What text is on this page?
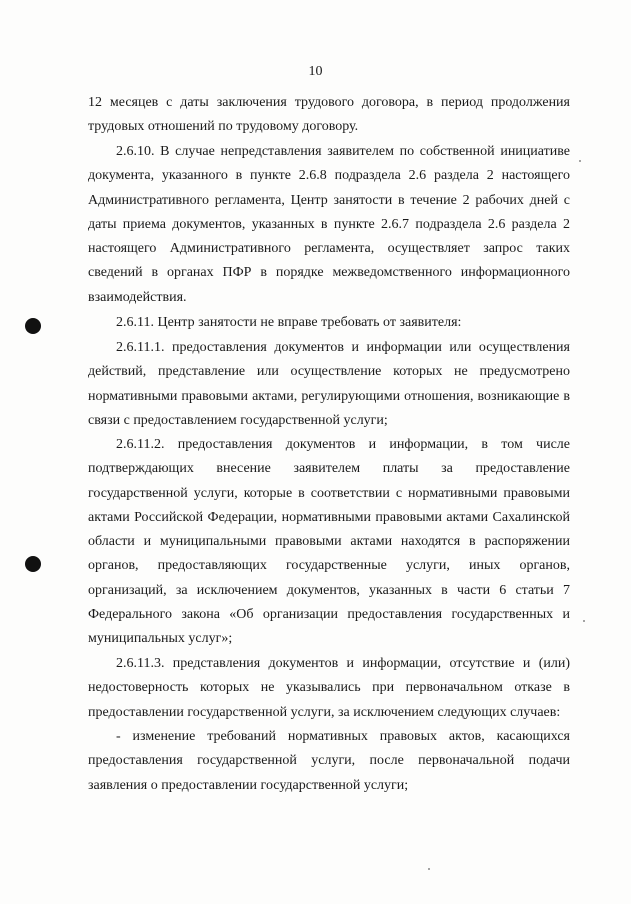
10

12 месяцев с даты заключения трудового договора, в период продолжения трудовых отношений по трудовому договору.

2.6.10. В случае непредставления заявителем по собственной инициативе документа, указанного в пункте 2.6.8 подраздела 2.6 раздела 2 настоящего Административного регламента, Центр занятости в течение 2 рабочих дней с даты приема документов, указанных в пункте 2.6.7 подраздела 2.6 раздела 2 настоящего Административного регламента, осуществляет запрос таких сведений в органах ПФР в порядке межведомственного информационного взаимодействия.

2.6.11. Центр занятости не вправе требовать от заявителя:

2.6.11.1. предоставления документов и информации или осуществления действий, представление или осуществление которых не предусмотрено нормативными правовыми актами, регулирующими отношения, возникающие в связи с предоставлением государственной услуги;

2.6.11.2. предоставления документов и информации, в том числе подтверждающих внесение заявителем платы за предоставление государственной услуги, которые в соответствии с нормативными правовыми актами Российской Федерации, нормативными правовыми актами Сахалинской области и муниципальными правовыми актами находятся в распоряжении органов, предоставляющих государственные услуги, иных органов, организаций, за исключением документов, указанных в части 6 статьи 7 Федерального закона «Об организации предоставления государственных и муниципальных услуг»;

2.6.11.3. представления документов и информации, отсутствие и (или) недостоверность которых не указывались при первоначальном отказе в предоставлении государственной услуги, за исключением следующих случаев:

- изменение требований нормативных правовых актов, касающихся предоставления государственной услуги, после первоначальной подачи заявления о предоставлении государственной услуги;
